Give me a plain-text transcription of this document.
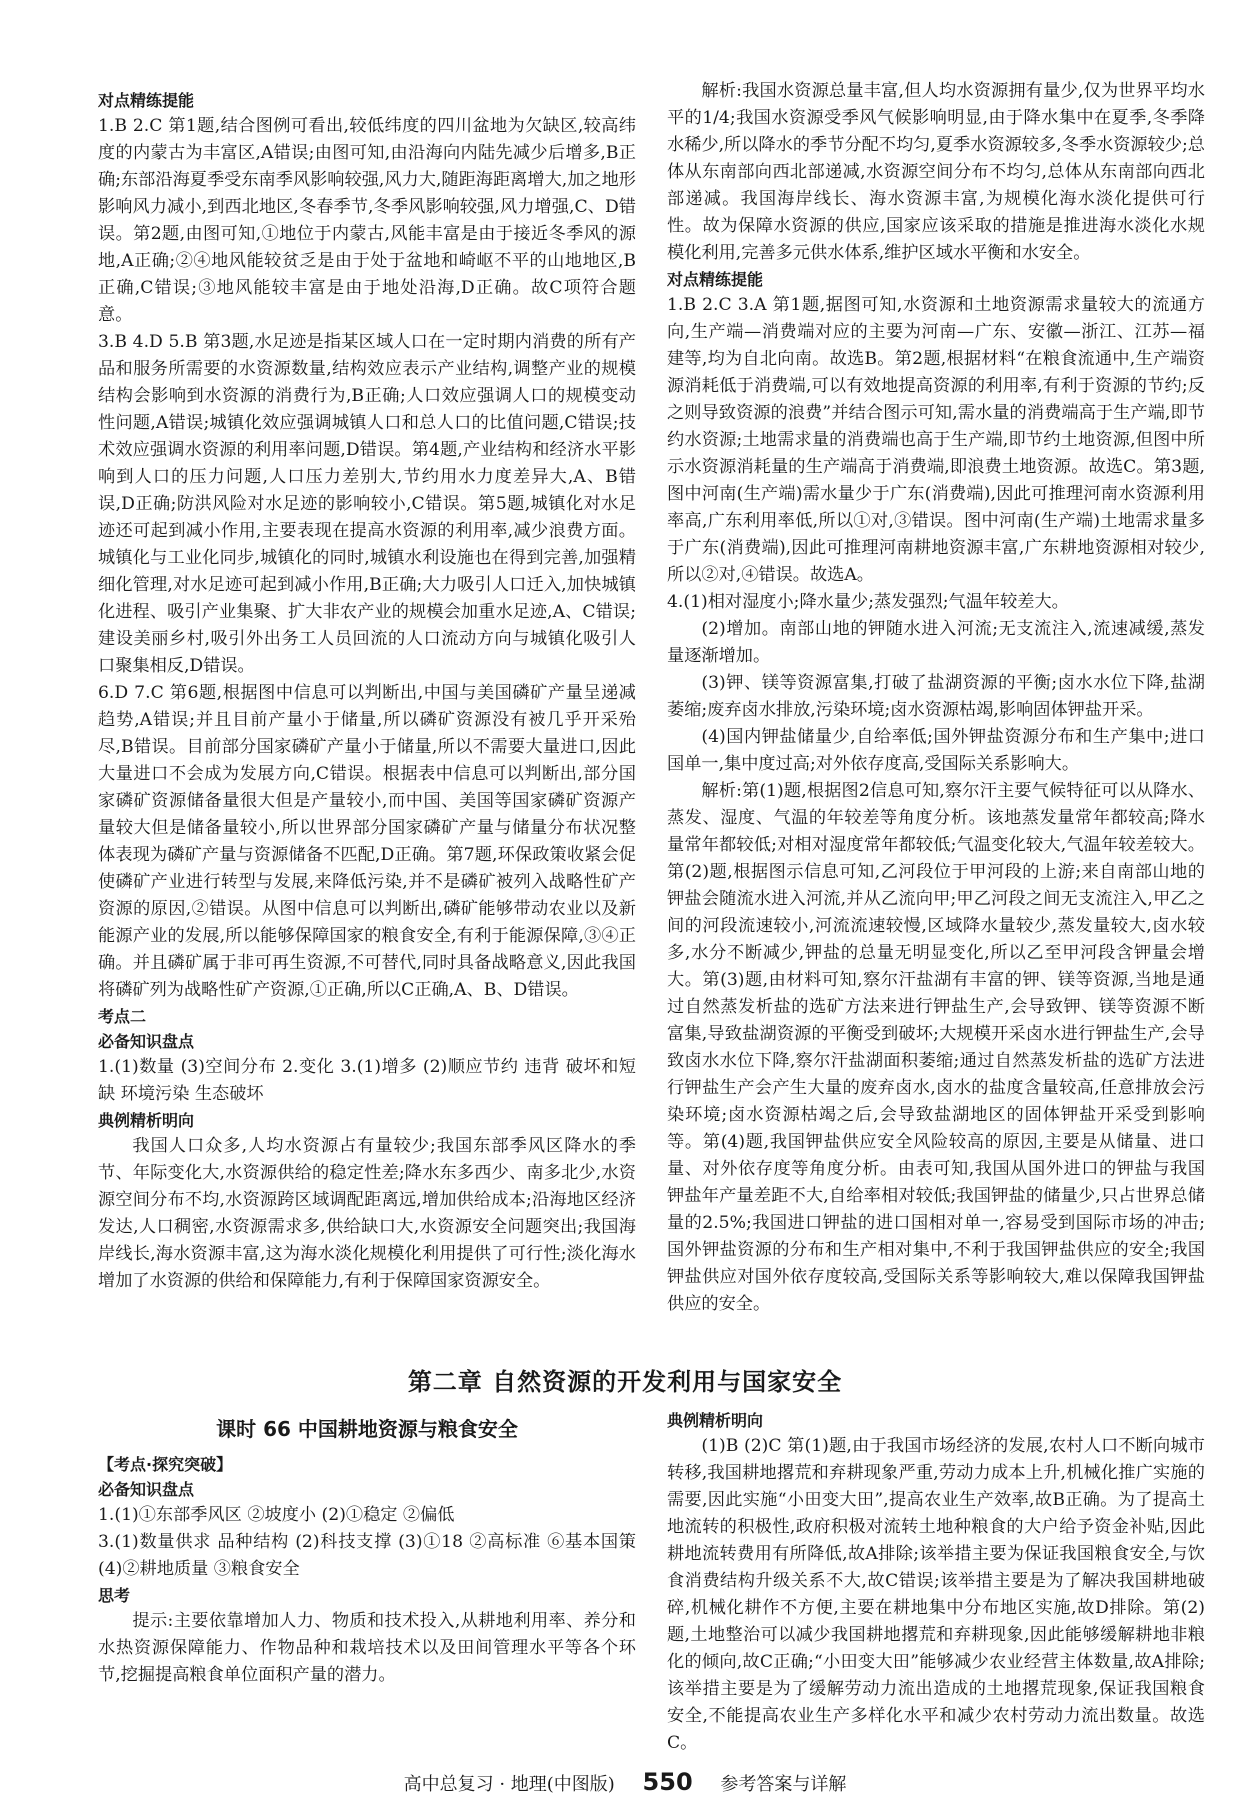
对点精练提能

1.B 2.C 第1题,结合图例可看出,较低纬度的四川盆地为欠缺区,较高纬度的内蒙古为丰富区,A错误;由图可知,由沿海向内陆先减少后增多,B正确;东部沿海夏季受东南季风影响较强,风力大,随距海距离增大,加之地形影响风力减小,到西北地区,冬春季节,冬季风影响较强,风力增强,C、D错误。第2题,由图可知,①地位于内蒙古,风能丰富是由于接近冬季风的源地,A正确;②④地风能较贫乏是由于处于盆地和崎岖不平的山地地区,B正确,C错误;③地风能较丰富是由于地处沿海,D正确。故C项符合题意。

3.B 4.D 5.B 第3题,水足迹是指某区域人口在一定时期内消费的所有产品和服务所需要的水资源数量,结构效应表示产业结构,调整产业的规模结构会影响到水资源的消费行为,B正确;人口效应强调人口的规模变动性问题,A错误;城镇化效应强调城镇人口和总人口的比值问题,C错误;技术效应强调水资源的利用率问题,D错误。第4题,产业结构和经济水平影响到人口的压力问题,人口压力差别大,节约用水力度差异大,A、B错误,D正确;防洪风险对水足迹的影响较小,C错误。第5题,城镇化对水足迹还可起到减小作用,主要表现在提高水资源的利用率,减少浪费方面。城镇化与工业化同步,城镇化的同时,城镇水利设施也在得到完善,加强精细化管理,对水足迹可起到减小作用,B正确;大力吸引人口迁入,加快城镇化进程、吸引产业集聚、扩大非农产业的规模会加重水足迹,A、C错误;建设美丽乡村,吸引外出务工人员回流的人口流动方向与城镇化吸引人口聚集相反,D错误。

6.D 7.C 第6题,根据图中信息可以判断出,中国与美国磷矿产量呈递减趋势,A错误;并且目前产量小于储量,所以磷矿资源没有被几乎开采殆尽,B错误。目前部分国家磷矿产量小于储量,所以不需要大量进口,因此大量进口不会成为发展方向,C错误。根据表中信息可以判断出,部分国家磷矿资源储备量很大但是产量较小,而中国、美国等国家磷矿资源产量较大但是储备量较小,所以世界部分国家磷矿产量与储量分布状况整体表现为磷矿产量与资源储备不匹配,D正确。第7题,环保政策收紧会促使磷矿产业进行转型与发展,来降低污染,并不是磷矿被列入战略性矿产资源的原因,②错误。从图中信息可以判断出,磷矿能够带动农业以及新能源产业的发展,所以能够保障国家的粮食安全,有利于能源保障,③④正确。并且磷矿属于非可再生资源,不可替代,同时具备战略意义,因此我国将磷矿列为战略性矿产资源,①正确,所以C正确,A、B、D错误。

考点二
必备知识盘点

1.(1)数量 (3)空间分布 2.变化 3.(1)增多 (2)顺应节约 违背 破坏和短缺 环境污染 生态破坏

典例精析明向

我国人口众多,人均水资源占有量较少;我国东部季风区降水的季节、年际变化大,水资源供给的稳定性差;降水东多西少、南多北少,水资源空间分布不均,水资源跨区域调配距离远,增加供给成本;沿海地区经济发达,人口稠密,水资源需求多,供给缺口大,水资源安全问题突出;我国海岸线长,海水资源丰富,这为海水淡化规模化利用提供了可行性;淡化海水增加了水资源的供给和保障能力,有利于保障国家资源安全。

解析:我国水资源总量丰富,但人均水资源拥有量少,仅为世界平均水平的1/4;我国水资源受季风气候影响明显,由于降水集中在夏季,冬季降水稀少,所以降水的季节分配不均匀,夏季水资源较多,冬季水资源较少;总体从东南部向西北部递减,水资源空间分布不均匀,总体从东南部向西北部递减。我国海岸线长、海水资源丰富,为规模化海水淡化提供可行性。故为保障水资源的供应,国家应该采取的措施是推进海水淡化水规模化利用,完善多元供水体系,维护区域水平衡和水安全。

对点精练提能

1.B 2.C 3.A 第1题,据图可知,水资源和土地资源需求量较大的流通方向,生产端—消费端对应的主要为河南—广东、安徽—浙江、江苏—福建等,均为自北向南。故选B。第2题,根据材料“在粮食流通中,生产端资源消耗低于消费端,可以有效地提高资源的利用率,有利于资源的节约;反之则导致资源的浪费”并结合图示可知,需水量的消费端高于生产端,即节约水资源;土地需求量的消费端也高于生产端,即节约土地资源,但图中所示水资源消耗量的生产端高于消费端,即浪费土地资源。故选C。第3题,图中河南(生产端)需水量少于广东(消费端),因此可推理河南水资源利用率高,广东利用率低,所以①对,③错误。图中河南(生产端)土地需求量多于广东(消费端),因此可推理河南耕地资源丰富,广东耕地资源相对较少,所以②对,④错误。故选A。

4.(1)相对湿度小;降水量少;蒸发强烈;气温年较差大。

(2)增加。南部山地的钾随水进入河流;无支流注入,流速减缓,蒸发量逐渐增加。

(3)钾、镁等资源富集,打破了盐湖资源的平衡;卤水水位下降,盐湖萎缩;废弃卤水排放,污染环境;卤水资源枯竭,影响固体钾盐开采。

(4)国内钾盐储量少,自给率低;国外钾盐资源分布和生产集中;进口国单一,集中度过高;对外依存度高,受国际关系影响大。

解析:第(1)题,根据图2信息可知,察尔汗主要气候特征可以从降水、蒸发、湿度、气温的年较差等角度分析。该地蒸发量常年都较高;降水量常年都较低;对相对湿度常年都较低;气温变化较大,气温年较差较大。第(2)题,根据图示信息可知,乙河段位于甲河段的上游;来自南部山地的钾盐会随流水进入河流,并从乙流向甲;甲乙河段之间无支流注入,甲乙之间的河段流速较小,河流流速较慢,区域降水量较少,蒸发量较大,卤水较多,水分不断减少,钾盐的总量无明显变化,所以乙至甲河段含钾量会增大。第(3)题,由材料可知,察尔汗盐湖有丰富的钾、镁等资源,当地是通过自然蒸发析盐的选矿方法来进行钾盐生产,会导致钾、镁等资源不断富集,导致盐湖资源的平衡受到破坏;大规模开采卤水进行钾盐生产,会导致卤水水位下降,察尔汗盐湖面积萎缩;通过自然蒸发析盐的选矿方法进行钾盐生产会产生大量的废弃卤水,卤水的盐度含量较高,任意排放会污染环境;卤水资源枯竭之后,会导致盐湖地区的固体钾盐开采受到影响等。第(4)题,我国钾盐供应安全风险较高的原因,主要是从储量、进口量、对外依存度等角度分析。由表可知,我国从国外进口的钾盐与我国钾盐年产量差距不大,自给率相对较低;我国钾盐的储量少,只占世界总储量的2.5%;我国进口钾盐的进口国相对单一,容易受到国际市场的冲击;国外钾盐资源的分布和生产相对集中,不利于我国钾盐供应的安全;我国钾盐供应对国外依存度较高,受国际关系等影响较大,难以保障我国钾盐供应的安全。

第二章 自然资源的开发利用与国家安全
课时 66 中国耕地资源与粮食安全
【考点·探究突破】
必备知识盘点

1.(1)①东部季风区 ②坡度小 (2)①稳定 ②偏低

3.(1)数量供求 品种结构 (2)科技支撑 (3)①18 ②高标准 ⑥基本国策 (4)②耕地质量 ③粮食安全

思考

提示:主要依靠增加人力、物质和技术投入,从耕地利用率、养分和水热资源保障能力、作物品种和栽培技术以及田间管理水平等各个环节,挖掘提高粮食单位面积产量的潜力。

典例精析明向

(1)B (2)C 第(1)题,由于我国市场经济的发展,农村人口不断向城市转移,我国耕地撂荒和弃耕现象严重,劳动力成本上升,机械化推广实施的需要,因此实施“小田变大田”,提高农业生产效率,故B正确。为了提高土地流转的积极性,政府积极对流转土地种粮食的大户给予资金补贴,因此耕地流转费用有所降低,故A排除;该举措主要为保证我国粮食安全,与饮食消费结构升级关系不大,故C错误;该举措主要是为了解决我国耕地破碎,机械化耕作不方便,主要在耕地集中分布地区实施,故D排除。第(2)题,土地整治可以减少我国耕地撂荒和弃耕现象,因此能够缓解耕地非粮化的倾向,故C正确;“小田变大田”能够减少农业经营主体数量,故A排除;该举措主要是为了缓解劳动力流出造成的土地撂荒现象,保证我国粮食安全,不能提高农业生产多样化水平和减少农村劳动力流出数量。故选C。

高中总复习 · 地理(中图版) 550 参考答案与详解
